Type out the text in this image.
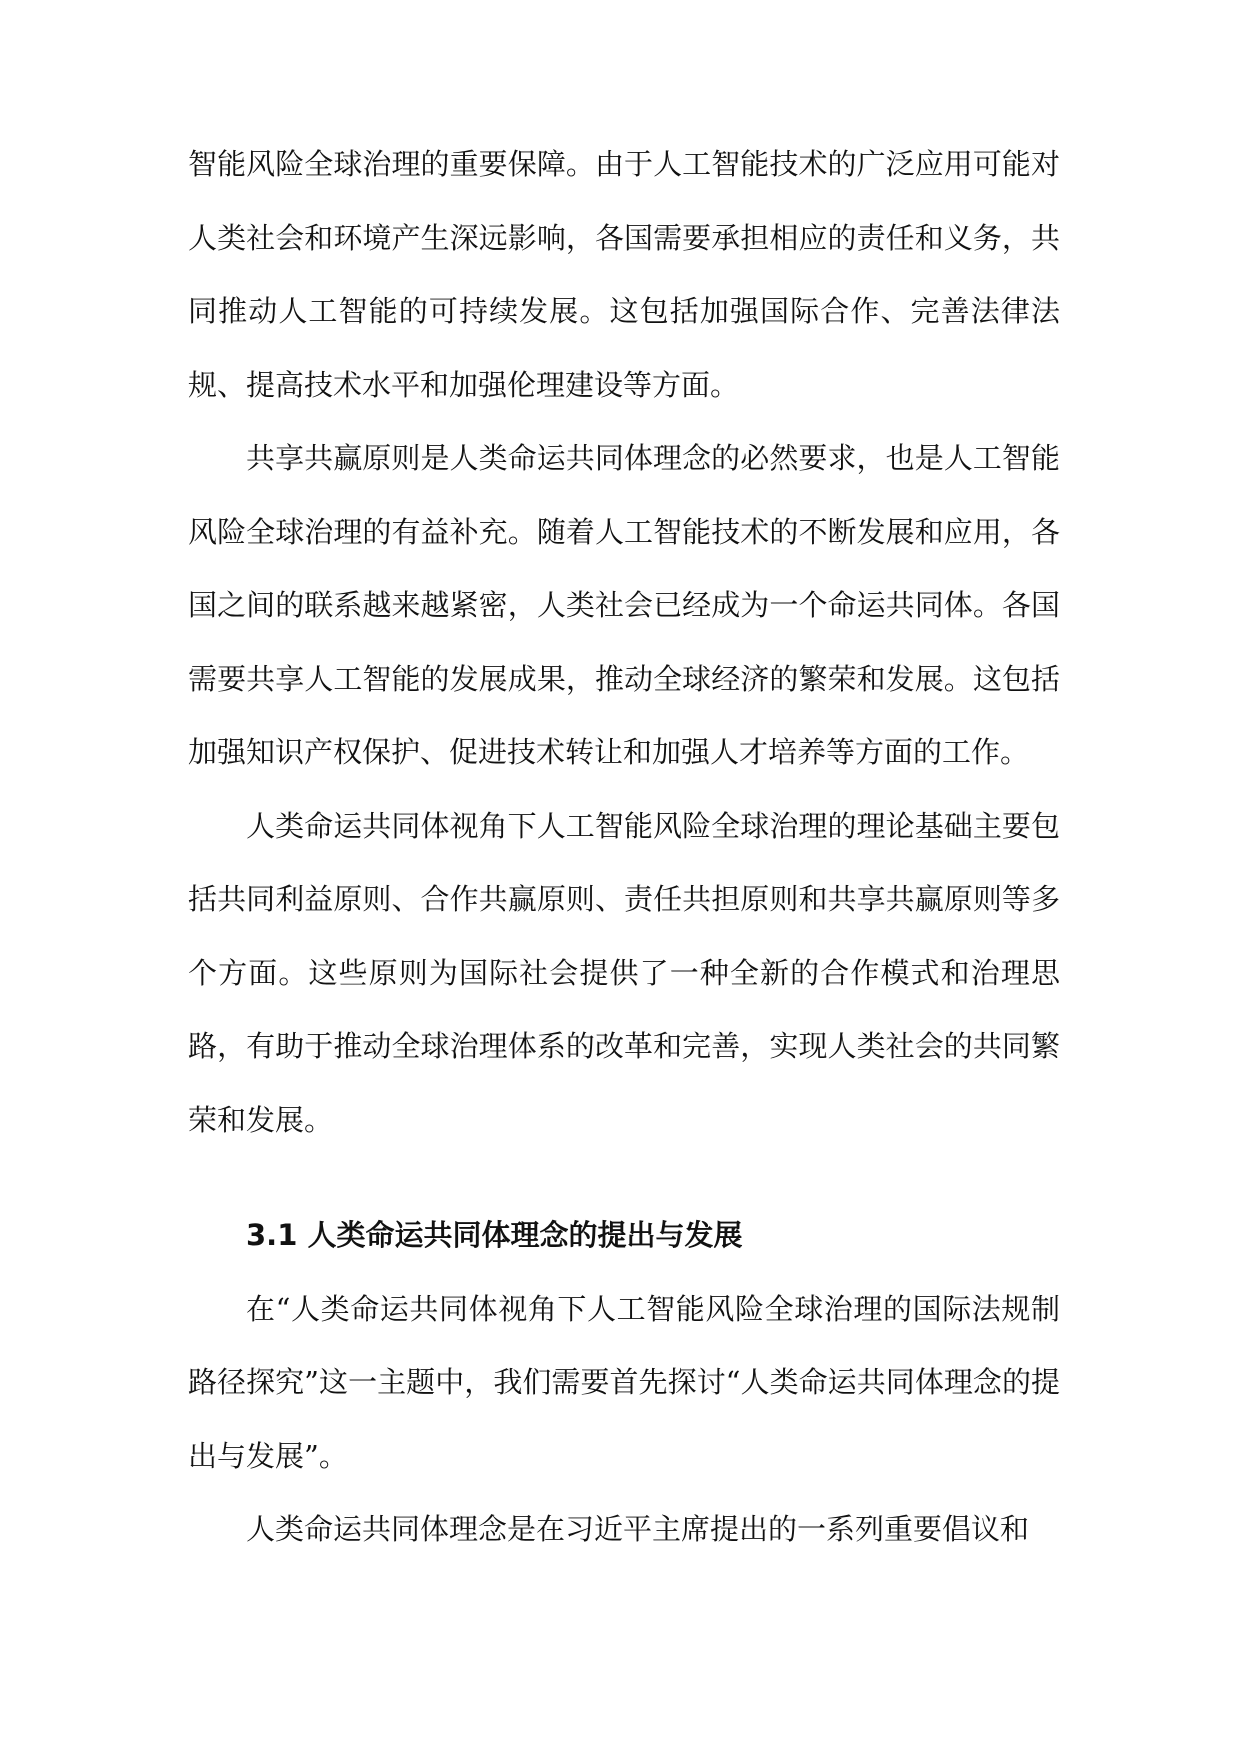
智能风险全球治理的重要保障。由于人工智能技术的广泛应用可能对人类社会和环境产生深远影响，各国需要承担相应的责任和义务，共同推动人工智能的可持续发展。这包括加强国际合作、完善法律法规、提高技术水平和加强伦理建设等方面。

共享共赢原则是人类命运共同体理念的必然要求，也是人工智能风险全球治理的有益补充。随着人工智能技术的不断发展和应用，各国之间的联系越来越紧密，人类社会已经成为一个命运共同体。各国需要共享人工智能的发展成果，推动全球经济的繁荣和发展。这包括加强知识产权保护、促进技术转让和加强人才培养等方面的工作。

人类命运共同体视角下人工智能风险全球治理的理论基础主要包括共同利益原则、合作共赢原则、责任共担原则和共享共赢原则等多个方面。这些原则为国际社会提供了一种全新的合作模式和治理思路，有助于推动全球治理体系的改革和完善，实现人类社会的共同繁荣和发展。

3.1 人类命运共同体理念的提出与发展

在“人类命运共同体视角下人工智能风险全球治理的国际法规制路径探究”这一主题中，我们需要首先探讨“人类命运共同体理念的提出与发展”。

人类命运共同体理念是在习近平主席提出的一系列重要倡议和
